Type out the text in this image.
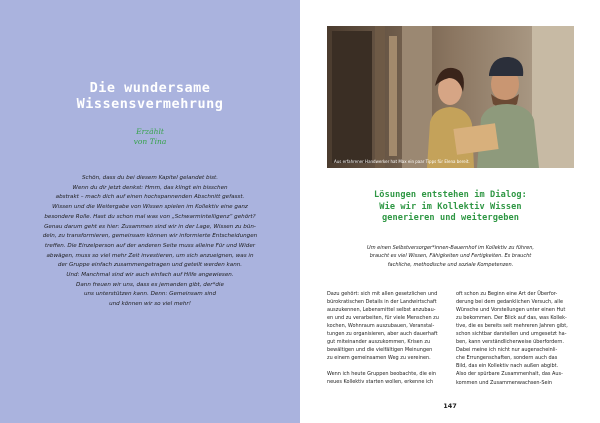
Die wundersame
Wissensvermehrung
Erzählt
von Tina
Schön, dass du bei diesem Kapitel gelandet bist.
Wenn du dir jetzt denkst: Hmm, das klingt ein bisschen
abstrakt – mach dich auf einen hochspannenden Abschnitt gefasst.
Wissen und die Weitergabe von Wissen spielen im Kollektiv eine ganz
besondere Rolle. Hast du schon mal was von „Schwarmintelligenz“ gehört?
Genau darum geht es hier: Zusammen sind wir in der Lage, Wissen zu bün-
deln, zu transformieren, gemeinsam können wir informierte Entscheidungen
treffen. Die Einzelperson auf der anderen Seite muss alleine Für und Wider
abwägen, muss so viel mehr Zeit investieren, um sich anzueignen, was in
der Gruppe einfach zusammengetragen und geteilt werden kann.
Und: Manchmal sind wir auch einfach auf Hilfe angewiesen.
Dann freuen wir uns, dass es jemanden gibt, der*die
uns unterstützen kann. Denn: Gemeinsam sind
und können wir so viel mehr!
Aus erfahrener Handwerker hat Max ein paar Tipps für Elena bereit.
Lösungen entstehen im Dialog:
Wie wir im Kollektiv Wissen
generieren und weitergeben
Um einen Selbstversorger*innen-Bauernhof im Kollektiv zu führen,
braucht es viel Wissen, Fähigkeiten und Fertigkeiten. Es braucht
fachliche, methodische und soziale Kompetenzen.
Dazu gehört: sich mit allen gesetzlichen und
bürokratischen Details in der Landwirtschaft
auszukennen, Lebensmittel selbst anzubau-
en und zu verarbeiten, für viele Menschen zu
kochen, Wohnraum auszubauen, Veranstal-
tungen zu organisieren, aber auch dauerhaft
gut miteinander auszukommen, Krisen zu
bewältigen und die vielfältigen Meinungen
zu einem gemeinsamen Weg zu vereinen.
Wenn ich heute Gruppen beobachte, die ein
neues Kollektiv starten wollen, erkenne ich
oft schon zu Beginn eine Art der Überfor-
derung bei dem gedanklichen Versuch, alle
Wünsche und Vorstellungen unter einen Hut
zu bekommen. Der Blick auf das, was Kollek-
tive, die es bereits seit mehreren Jahren gibt,
schon sichtbar darstellen und umgesetzt ha-
ben, kann verständlicherweise überfordern.
Dabei meine ich nicht nur augenscheinli-
che Errungenschaften, sondern auch das
Bild, das ein Kollektiv nach außen abgibt.
Also der spürbare Zusammenhalt, das Aus-
kommen und Zusammenwachsen-Sein
147
